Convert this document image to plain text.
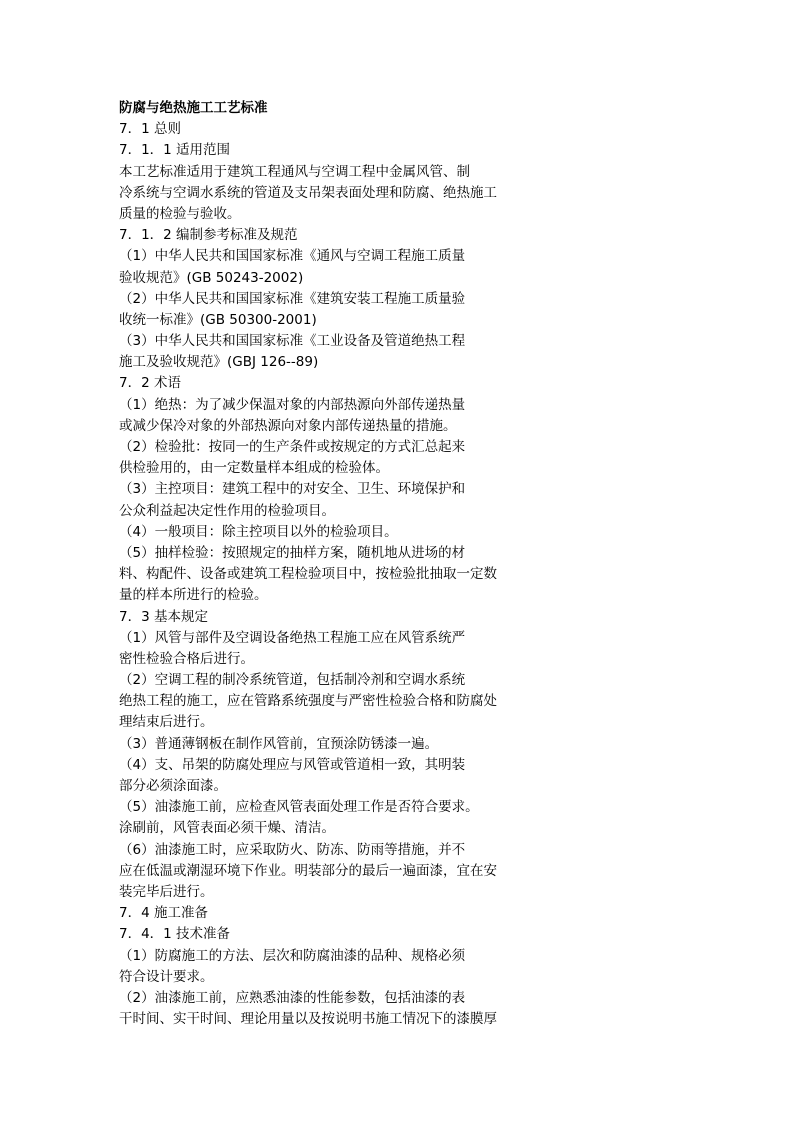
防腐与绝热施工工艺标准
7．1 总则
7．1．1 适用范围
本工艺标准适用于建筑工程通风与空调工程中金属风管、制
冷系统与空调水系统的管道及支吊架表面处理和防腐、绝热施工
质量的检验与验收。
7．1．2 编制参考标准及规范
（1）中华人民共和国国家标准《通风与空调工程施工质量
验收规范》(GB 50243-2002)
（2）中华人民共和国国家标准《建筑安装工程施工质量验
收统一标准》(GB 50300-2001)
（3）中华人民共和国国家标准《工业设备及管道绝热工程
施工及验收规范》(GBJ 126--89)
7．2 术语
（1）绝热：为了减少保温对象的内部热源向外部传递热量
或减少保冷对象的外部热源向对象内部传递热量的措施。
（2）检验批：按同一的生产条件或按规定的方式汇总起来
供检验用的，由一定数量样本组成的检验体。
（3）主控项目：建筑工程中的对安全、卫生、环境保护和
公众利益起决定性作用的检验项目。
（4）一般项目：除主控项目以外的检验项目。
（5）抽样检验：按照规定的抽样方案，随机地从进场的材
料、构配件、设备或建筑工程检验项目中，按检验批抽取一定数
量的样本所进行的检验。
7．3 基本规定
（1）风管与部件及空调设备绝热工程施工应在风管系统严
密性检验合格后进行。
（2）空调工程的制冷系统管道，包括制冷剂和空调水系统
绝热工程的施工，应在管路系统强度与严密性检验合格和防腐处
理结束后进行。
（3）普通薄钢板在制作风管前，宜预涂防锈漆一遍。
（4）支、吊架的防腐处理应与风管或管道相一致，其明装
部分必须涂面漆。
（5）油漆施工前，应检查风管表面处理工作是否符合要求。
涂刷前，风管表面必须干燥、清洁。
（6）油漆施工时，应采取防火、防冻、防雨等措施，并不
应在低温或潮湿环境下作业。明装部分的最后一遍面漆，宜在安
装完毕后进行。
7．4 施工准备
7．4．1 技术准备
（1）防腐施工的方法、层次和防腐油漆的品种、规格必须
符合设计要求。
（2）油漆施工前，应熟悉油漆的性能参数，包括油漆的表
干时间、实干时间、理论用量以及按说明书施工情况下的漆膜厚
